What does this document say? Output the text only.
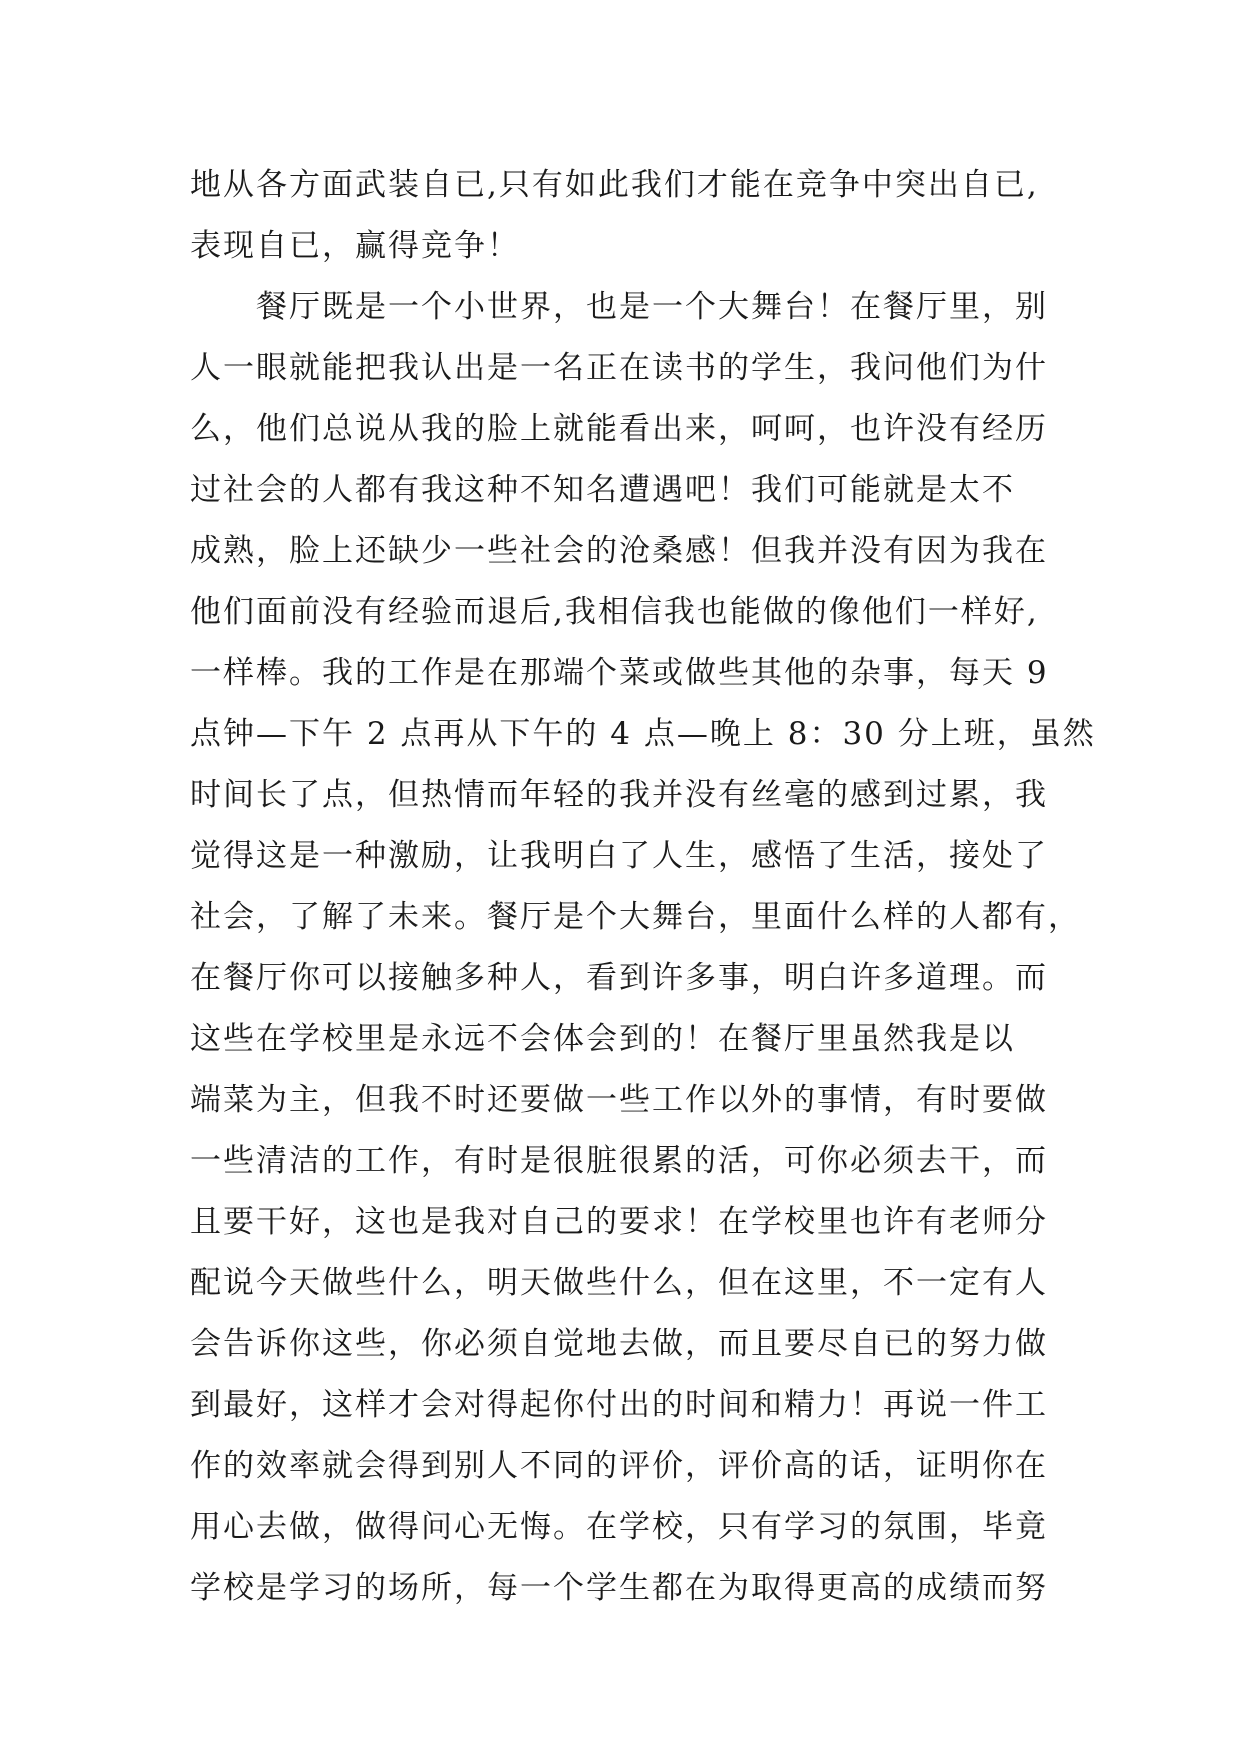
地从各方面武装自已,只有如此我们才能在竞争中突出自已,
表现自已，赢得竞争！
　　餐厅既是一个小世界，也是一个大舞台！在餐厅里，别
人一眼就能把我认出是一名正在读书的学生，我问他们为什
么，他们总说从我的脸上就能看出来，呵呵，也许没有经历
过社会的人都有我这种不知名遭遇吧！我们可能就是太不
成熟，脸上还缺少一些社会的沧桑感！但我并没有因为我在
他们面前没有经验而退后,我相信我也能做的像他们一样好,
一样棒。我的工作是在那端个菜或做些其他的杂事，每天 9
点钟—下午 2 点再从下午的 4 点—晚上 8：30 分上班，虽然
时间长了点，但热情而年轻的我并没有丝毫的感到过累，我
觉得这是一种激励，让我明白了人生，感悟了生活，接处了
社会，了解了未来。餐厅是个大舞台，里面什么样的人都有，
在餐厅你可以接触多种人，看到许多事，明白许多道理。而
这些在学校里是永远不会体会到的！在餐厅里虽然我是以
端菜为主，但我不时还要做一些工作以外的事情，有时要做
一些清洁的工作，有时是很脏很累的活，可你必须去干，而
且要干好，这也是我对自己的要求！在学校里也许有老师分
配说今天做些什么，明天做些什么，但在这里，不一定有人
会告诉你这些，你必须自觉地去做，而且要尽自已的努力做
到最好，这样才会对得起你付出的时间和精力！再说一件工
作的效率就会得到别人不同的评价，评价高的话，证明你在
用心去做，做得问心无悔。在学校，只有学习的氛围，毕竟
学校是学习的场所，每一个学生都在为取得更高的成绩而努
